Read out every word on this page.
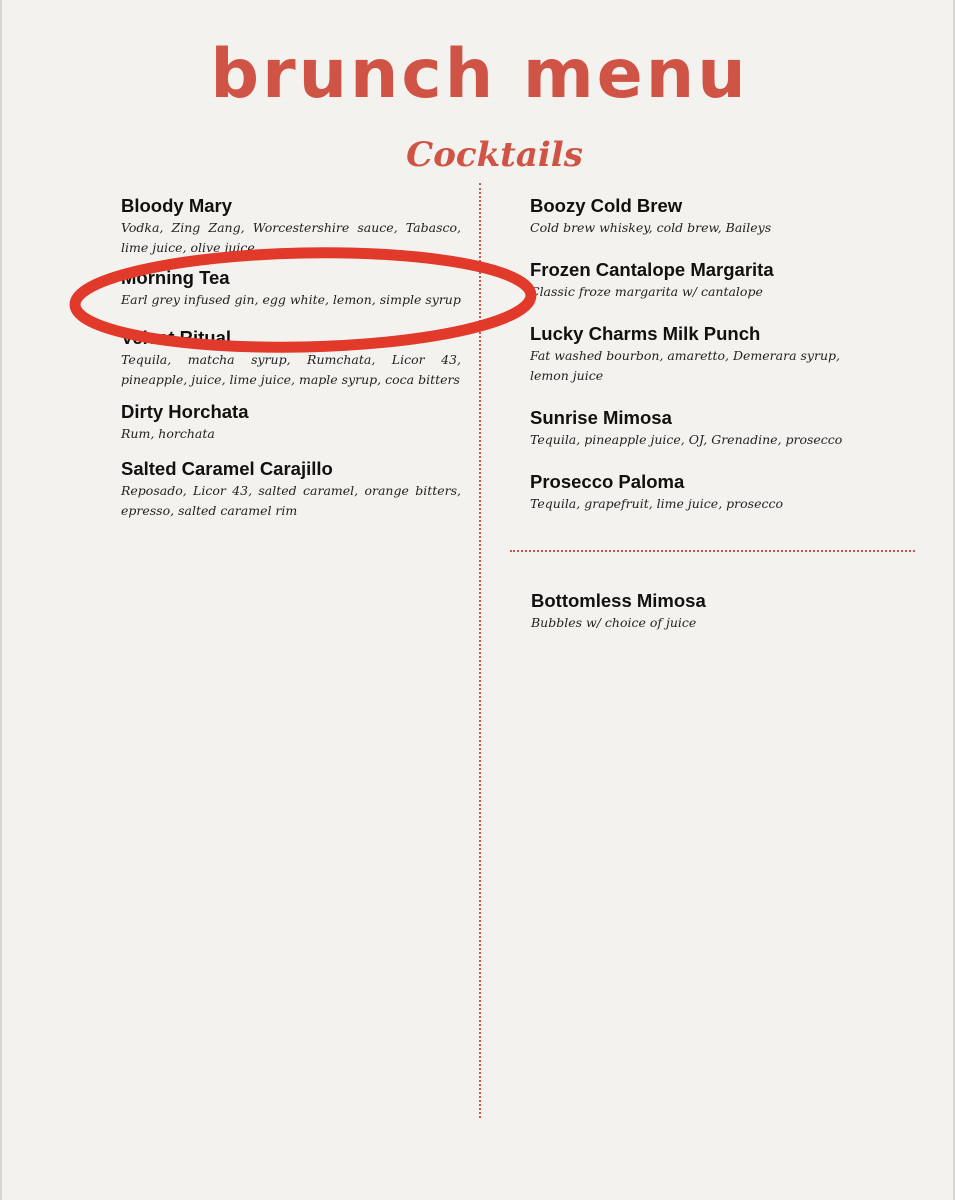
brunch menu
Cocktails

Bloody Mary

Vodka, Zing Zang, Worcestershire sauce, Tabasco, lime juice, olive juice

Morning Tea

Earl grey infused gin, egg white, lemon, simple syrup

Velvet Ritual

Tequila, matcha syrup, Rumchata, Licor 43, pineapple, juice, lime juice, maple syrup, coca bitters

Dirty Horchata

Rum, horchata

Salted Caramel Carajillo

Reposado, Licor 43, salted caramel, orange bitters, epresso, salted caramel rim

Boozy Cold Brew

Cold brew whiskey, cold brew, Baileys

Frozen Cantalope Margarita

Classic froze margarita w/ cantalope

Lucky Charms Milk Punch

Fat washed bourbon, amaretto, Demerara syrup, lemon juice

Sunrise Mimosa

Tequila, pineapple juice, OJ, Grenadine, prosecco

Prosecco Paloma

Tequila, grapefruit, lime juice, prosecco

Bottomless Mimosa

Bubbles w/ choice of juice
